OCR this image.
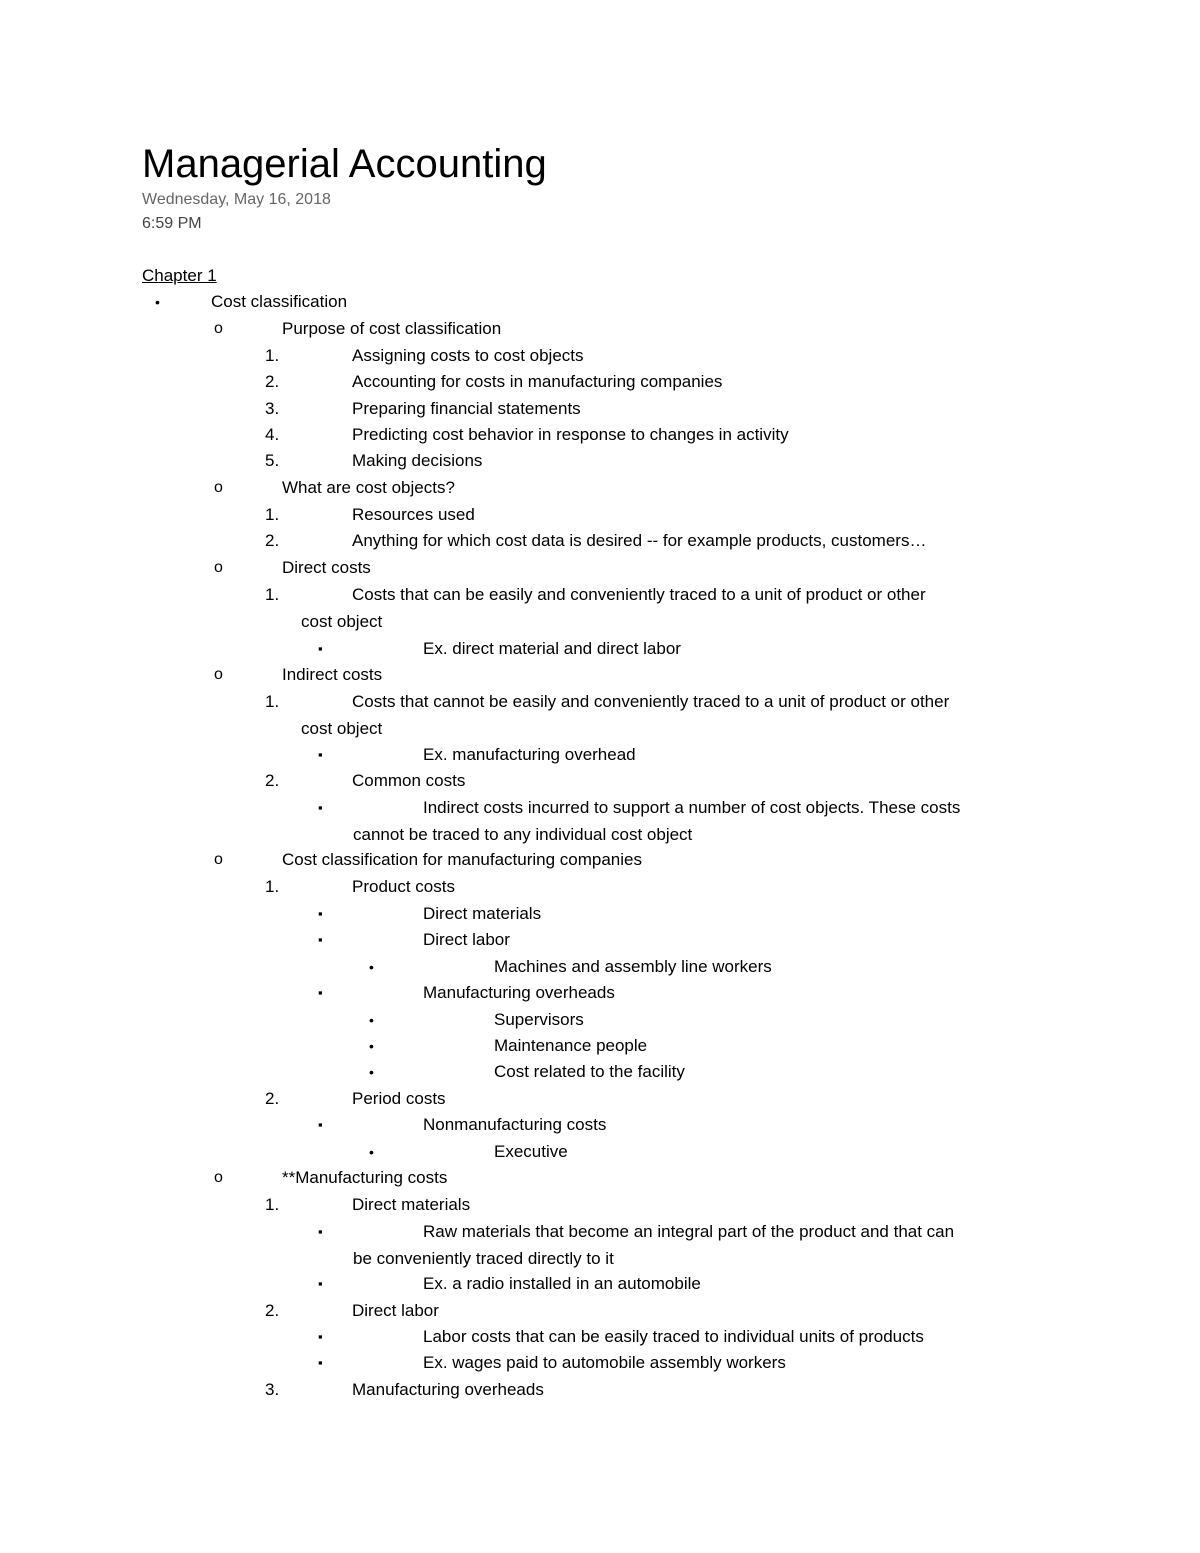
Managerial Accounting
Wednesday, May 16, 2018
6:59 PM
Chapter 1
•	Cost classification
o	Purpose of cost classification
1.	Assigning costs to cost objects
2.	Accounting for costs in manufacturing companies
3.	Preparing financial statements
4.	Predicting cost behavior in response to changes in activity
5.	Making decisions
o	What are cost objects?
1.	Resources used
2.	Anything for which cost data is desired -- for example products, customers…
o	Direct costs
1.	Costs that can be easily and conveniently traced to a unit of product or other
cost object
▪	Ex. direct material and direct labor
o	Indirect costs
1.	Costs that cannot be easily and conveniently traced to a unit of product or other
cost object
▪	Ex. manufacturing overhead
2.	Common costs
▪	Indirect costs incurred to support a number of cost objects. These costs
cannot be traced to any individual cost object
o	Cost classification for manufacturing companies
1.	Product costs
▪	Direct materials
▪	Direct labor
•	Machines and assembly line workers
▪	Manufacturing overheads
•	Supervisors
•	Maintenance people
•	Cost related to the facility
2.	Period costs
▪	Nonmanufacturing costs
•	Executive
o	**Manufacturing costs
1.	Direct materials
▪	Raw materials that become an integral part of the product and that can
be conveniently traced directly to it
▪	Ex. a radio installed in an automobile
2.	Direct labor
▪	Labor costs that can be easily traced to individual units of products
▪	Ex. wages paid to automobile assembly workers
3.	Manufacturing overheads
